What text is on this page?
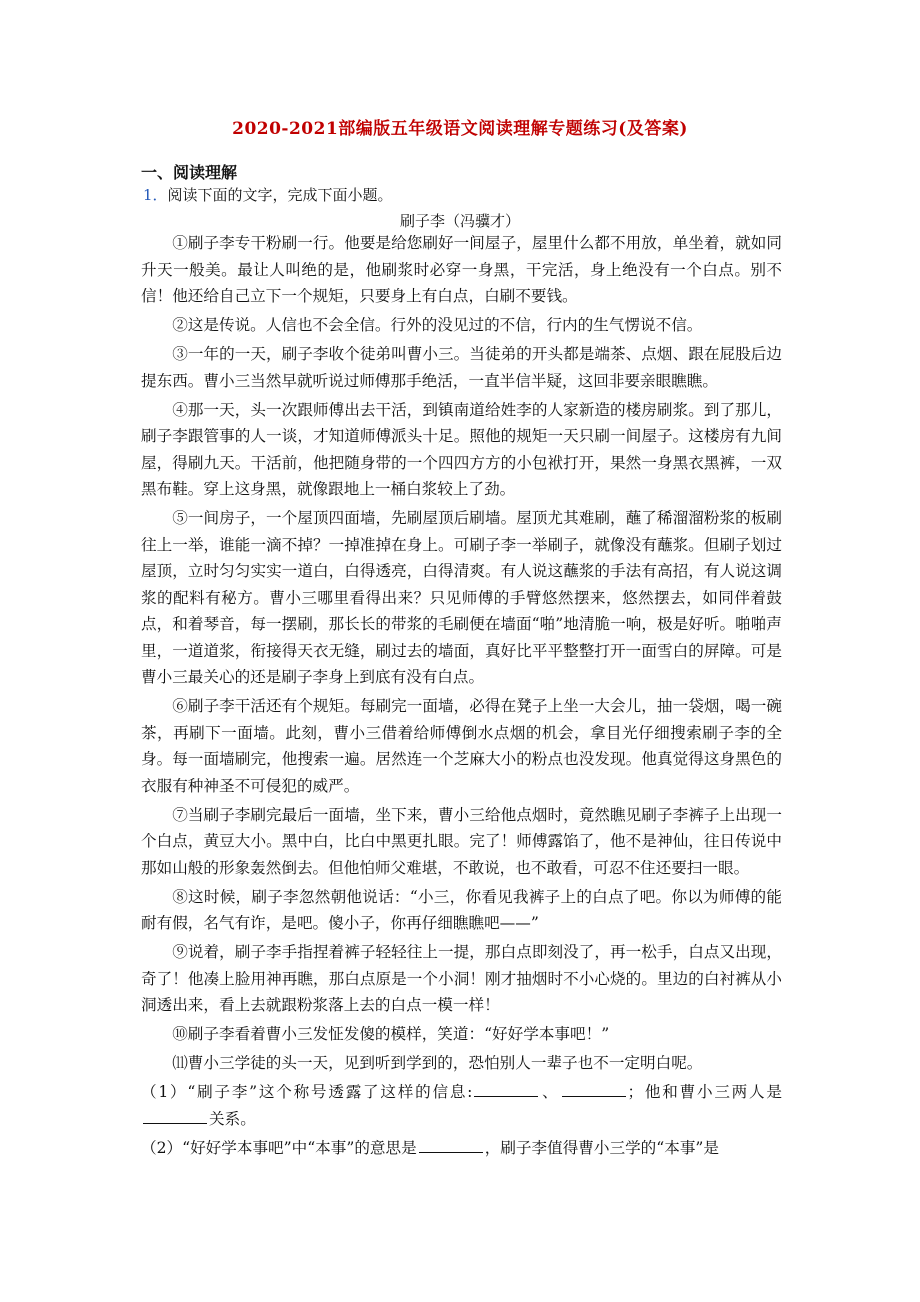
2020-2021部编版五年级语文阅读理解专题练习(及答案)
一、阅读理解
1．阅读下面的文字，完成下面小题。
刷子李（冯骥才）

①刷子李专干粉刷一行。他要是给您刷好一间屋子，屋里什么都不用放，单坐着，就如同升天一般美。最让人叫绝的是，他刷浆时必穿一身黑，干完活，身上绝没有一个白点。别不信！他还给自己立下一个规矩，只要身上有白点，白刷不要钱。

②这是传说。人信也不会全信。行外的没见过的不信，行内的生气愣说不信。

③一年的一天，刷子李收个徒弟叫曹小三。当徒弟的开头都是端茶、点烟、跟在屁股后边提东西。曹小三当然早就听说过师傅那手绝活，一直半信半疑，这回非要亲眼瞧瞧。

④那一天，头一次跟师傅出去干活，到镇南道给姓李的人家新造的楼房刷浆。到了那儿，刷子李跟管事的人一谈，才知道师傅派头十足。照他的规矩一天只刷一间屋子。这楼房有九间屋，得刷九天。干活前，他把随身带的一个四四方方的小包袱打开，果然一身黑衣黑裤，一双黑布鞋。穿上这身黑，就像跟地上一桶白浆较上了劲。

⑤一间房子，一个屋顶四面墙，先刷屋顶后刷墙。屋顶尤其难刷，蘸了稀溜溜粉浆的板刷往上一举，谁能一滴不掉？一掉准掉在身上。可刷子李一举刷子，就像没有蘸浆。但刷子划过屋顶，立时匀匀实实一道白，白得透亮，白得清爽。有人说这蘸浆的手法有高招，有人说这调浆的配料有秘方。曹小三哪里看得出来？只见师傅的手臂悠然摆来，悠然摆去，如同伴着鼓点，和着琴音，每一摆刷，那长长的带浆的毛刷便在墙面“啪”地清脆一响，极是好听。啪啪声里，一道道浆，衔接得天衣无缝，刷过去的墙面，真好比平平整整打开一面雪白的屏障。可是曹小三最关心的还是刷子李身上到底有没有白点。

⑥刷子李干活还有个规矩。每刷完一面墙，必得在凳子上坐一大会儿，抽一袋烟，喝一碗茶，再刷下一面墙。此刻，曹小三借着给师傅倒水点烟的机会，拿目光仔细搜索刷子李的全身。每一面墙刷完，他搜索一遍。居然连一个芝麻大小的粉点也没发现。他真觉得这身黑色的衣服有种神圣不可侵犯的威严。

⑦当刷子李刷完最后一面墙，坐下来，曹小三给他点烟时，竟然瞧见刷子李裤子上出现一个白点，黄豆大小。黑中白，比白中黑更扎眼。完了！师傅露馅了，他不是神仙，往日传说中那如山般的形象轰然倒去。但他怕师父难堪，不敢说，也不敢看，可忍不住还要扫一眼。

⑧这时候，刷子李忽然朝他说话：“小三，你看见我裤子上的白点了吧。你以为师傅的能耐有假，名气有诈，是吧。傻小子，你再仔细瞧瞧吧——”

⑨说着，刷子李手指捏着裤子轻轻往上一提，那白点即刻没了，再一松手，白点又出现，奇了！他凑上脸用神再瞧，那白点原是一个小洞！刚才抽烟时不小心烧的。里边的白衬裤从小洞透出来，看上去就跟粉浆落上去的白点一模一样！

⑩刷子李看着曹小三发怔发傻的模样，笑道：“好好学本事吧！”

⑾曹小三学徒的头一天，见到听到学到的，恐怕别人一辈子也不一定明白呢。

（1）“刷子李”这个称号透露了这样的信息:	、	；他和曹小三两人是关系。

（2）“好好学本事吧”中“本事”的意思是	，刷子李值得曹小三学的“本事”是
